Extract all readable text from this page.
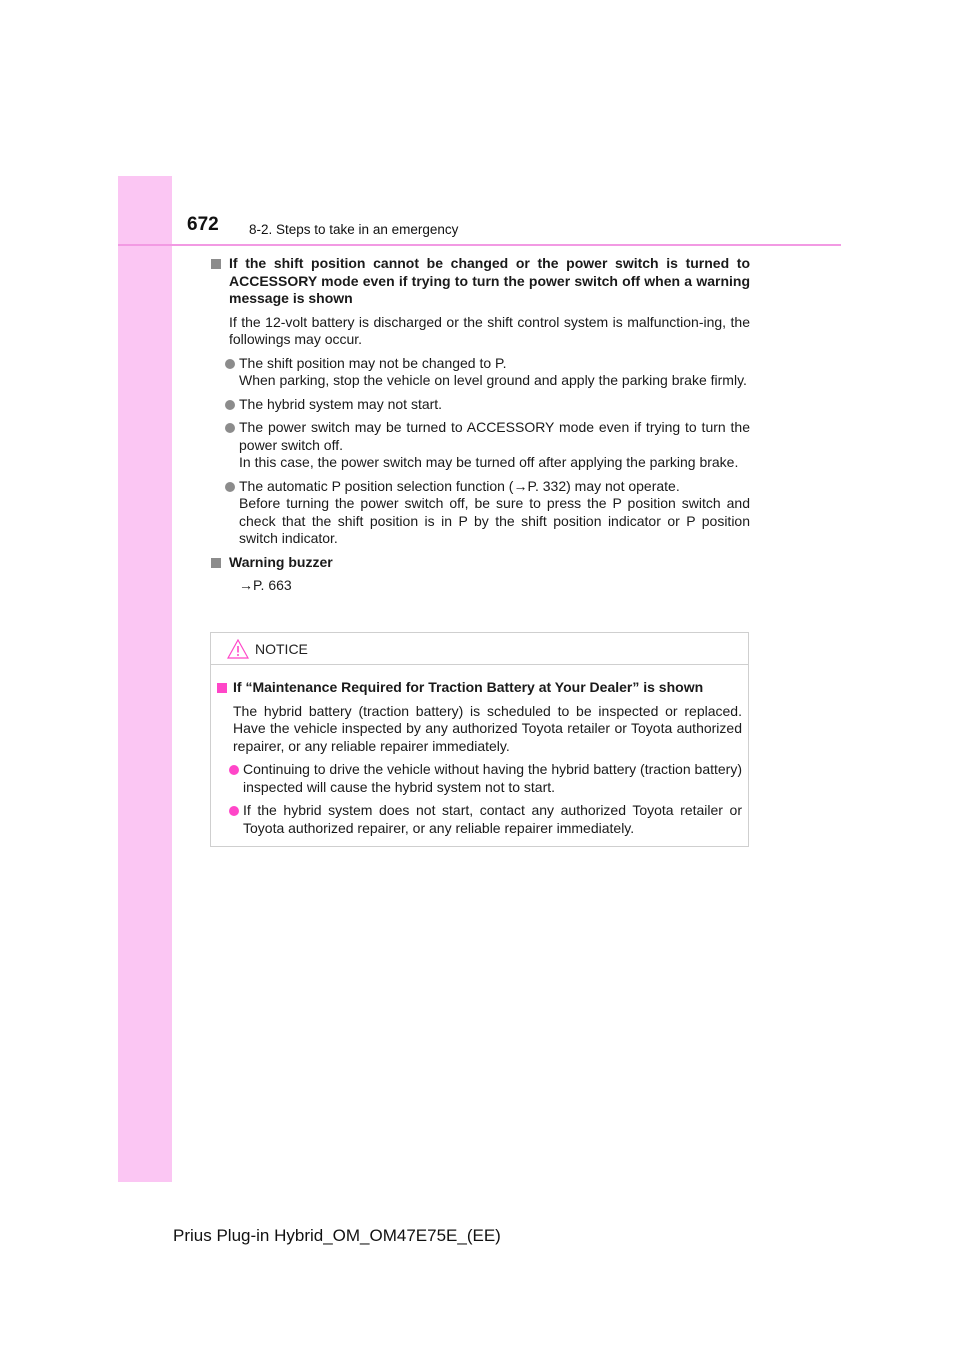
672 8-2. Steps to take in an emergency
If the shift position cannot be changed or the power switch is turned to ACCESSORY mode even if trying to turn the power switch off when a warning message is shown
If the 12-volt battery is discharged or the shift control system is malfunction-ing, the followings may occur.
The shift position may not be changed to P.
When parking, stop the vehicle on level ground and apply the parking brake firmly.
The hybrid system may not start.
The power switch may be turned to ACCESSORY mode even if trying to turn the power switch off.
In this case, the power switch may be turned off after applying the parking brake.
The automatic P position selection function (→P. 332) may not operate.
Before turning the power switch off, be sure to press the P position switch and check that the shift position is in P by the shift position indicator or P position switch indicator.
Warning buzzer
→P. 663
NOTICE
If “Maintenance Required for Traction Battery at Your Dealer” is shown
The hybrid battery (traction battery) is scheduled to be inspected or replaced. Have the vehicle inspected by any authorized Toyota retailer or Toyota authorized repairer, or any reliable repairer immediately.
Continuing to drive the vehicle without having the hybrid battery (traction battery) inspected will cause the hybrid system not to start.
If the hybrid system does not start, contact any authorized Toyota retailer or Toyota authorized repairer, or any reliable repairer immediately.
Prius Plug-in Hybrid_OM_OM47E75E_(EE)
